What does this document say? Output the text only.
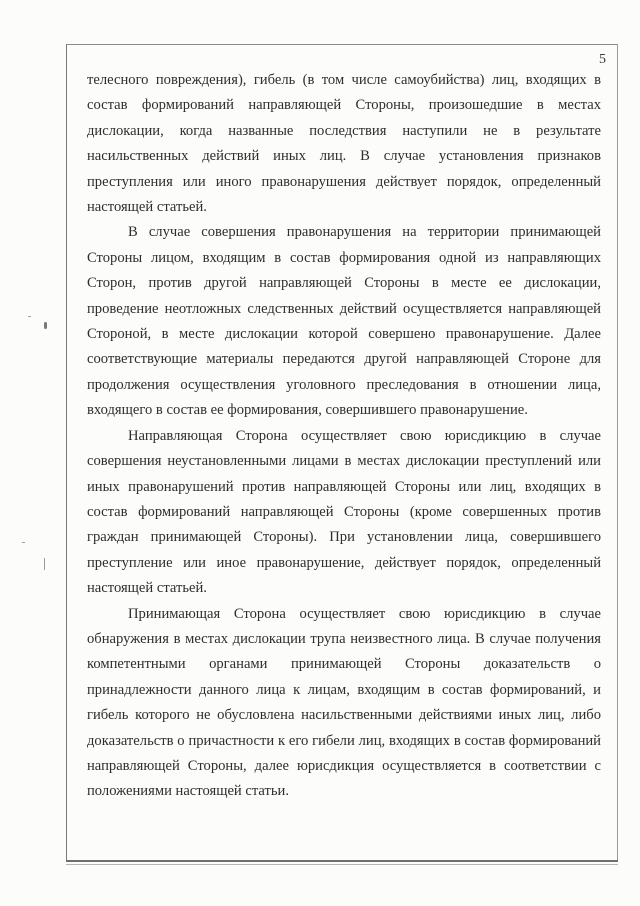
5

телесного повреждения), гибель (в том числе самоубийства) лиц, входящих в состав формирований направляющей Стороны, произошедшие в местах дислокации, когда названные последствия наступили не в результате насильственных действий иных лиц. В случае установления признаков преступления или иного правонарушения действует порядок, определенный настоящей статьей.

В случае совершения правонарушения на территории принимающей Стороны лицом, входящим в состав формирования одной из направляющих Сторон, против другой направляющей Стороны в месте ее дислокации, проведение неотложных следственных действий осуществляется направляющей Стороной, в месте дислокации которой совершено правонарушение. Далее соответствующие материалы передаются другой направляющей Стороне для продолжения осуществления уголовного преследования в отношении лица, входящего в состав ее формирования, совершившего правонарушение.

Направляющая Сторона осуществляет свою юрисдикцию в случае совершения неустановленными лицами в местах дислокации преступлений или иных правонарушений против направляющей Стороны или лиц, входящих в состав формирований направляющей Стороны (кроме совершенных против граждан принимающей Стороны). При установлении лица, совершившего преступление или иное правонарушение, действует порядок, определенный настоящей статьей.

Принимающая Сторона осуществляет свою юрисдикцию в случае обнаружения в местах дислокации трупа неизвестного лица. В случае получения компетентными органами принимающей Стороны доказательств о принадлежности данного лица к лицам, входящим в состав формирований, и гибель которого не обусловлена насильственными действиями иных лиц, либо доказательств о причастности к его гибели лиц, входящих в состав формирований направляющей Стороны, далее юрисдикция осуществляется в соответствии с положениями настоящей статьи.
